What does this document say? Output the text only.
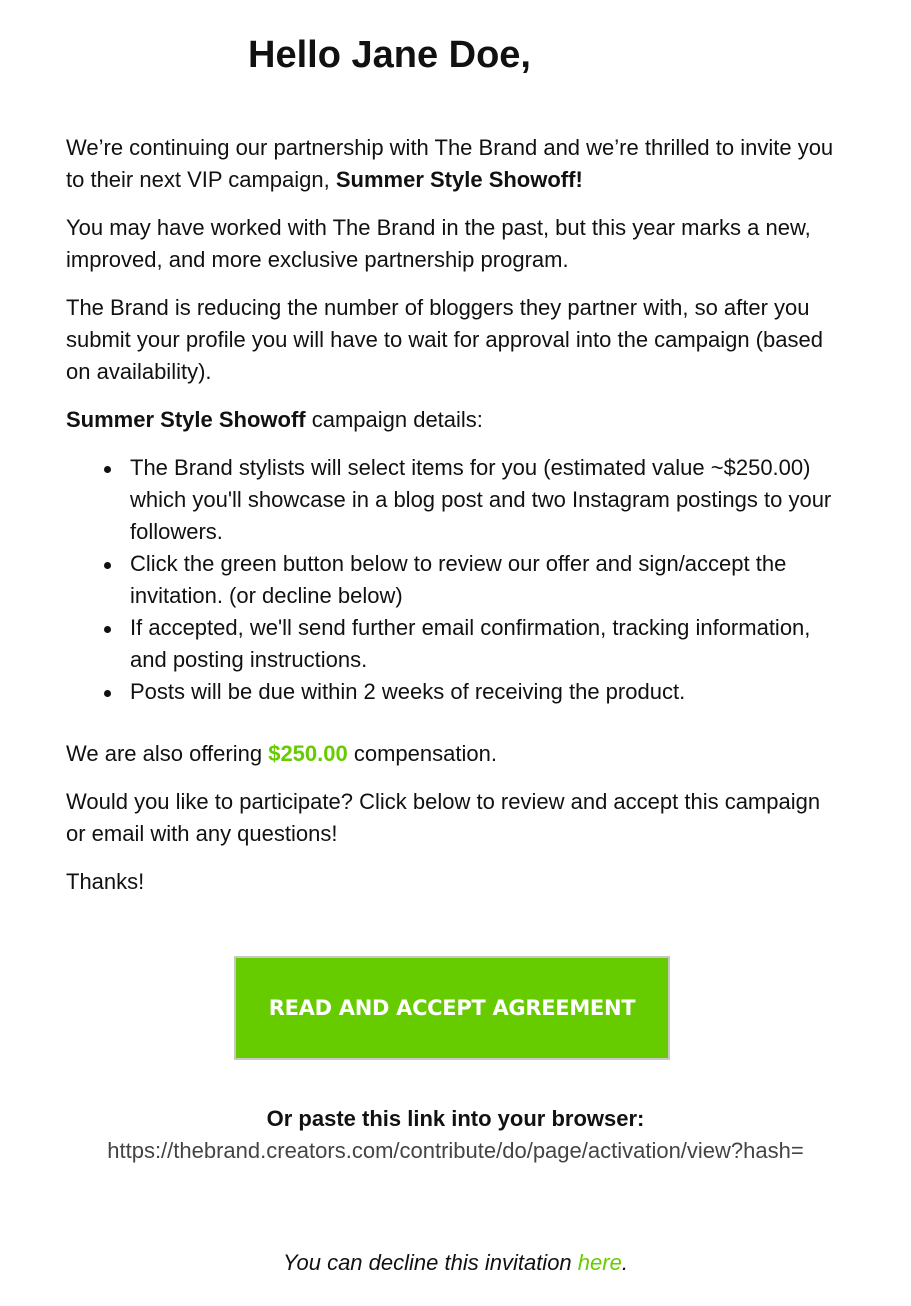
Hello Jane Doe,

We’re continuing our partnership with The Brand and we’re thrilled to invite you to their next VIP campaign, Summer Style Showoff!

You may have worked with The Brand in the past, but this year marks a new, improved, and more exclusive partnership program.

The Brand is reducing the number of bloggers they partner with, so after you submit your profile you will have to wait for approval into the campaign (based on availability).

Summer Style Showoff campaign details:

The Brand stylists will select items for you (estimated value ~$250.00) which you'll showcase in a blog post and two Instagram postings to your followers.
Click the green button below to review our offer and sign/accept the invitation. (or decline below)
If accepted, we'll send further email confirmation, tracking information, and posting instructions.
Posts will be due within 2 weeks of receiving the product.

We are also offering $250.00 compensation.

Would you like to participate? Click below to review and accept this campaign or email with any questions!

Thanks!

READ AND ACCEPT AGREEMENT
Or paste this link into your browser:
https://thebrand.creators.com/contribute/do/page/activation/view?hash=
You can decline this invitation here.
